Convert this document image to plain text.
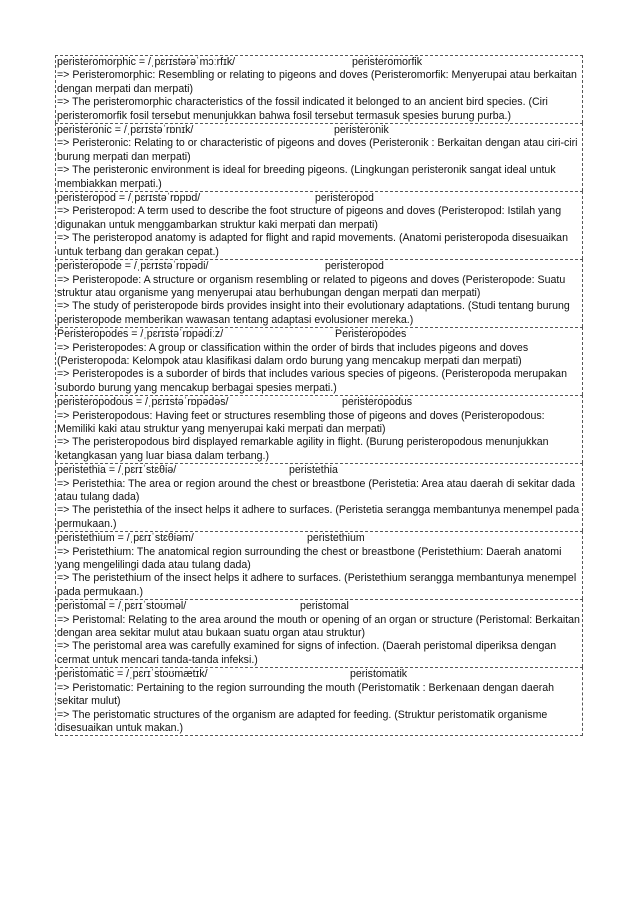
peristeromorphic = /ˌpɛrɪstərəˈmɔːrfɪk/	peristeromorfik
=> Peristeromorphic: Resembling or relating to pigeons and doves (Peristeromorfik: Menyerupai atau berkaitan dengan merpati dan merpati)
=> The peristeromorphic characteristics of the fossil indicated it belonged to an ancient bird species. (Ciri peristeromorfik fosil tersebut menunjukkan bahwa fosil tersebut termasuk spesies burung purba.)
peristeronic = /ˌpɛrɪstəˈrɒnɪk/	peristeronik
=> Peristeronic: Relating to or characteristic of pigeons and doves (Peristeronik : Berkaitan dengan atau ciri-ciri burung merpati dan merpati)
=> The peristeronic environment is ideal for breeding pigeons. (Lingkungan peristeronik sangat ideal untuk membiakkan merpati.)
peristeropod = /ˌpɛrɪstəˈrɒpɒd/	peristeropod
=> Peristeropod: A term used to describe the foot structure of pigeons and doves (Peristeropod: Istilah yang digunakan untuk menggambarkan struktur kaki merpati dan merpati)
=> The peristeropod anatomy is adapted for flight and rapid movements. (Anatomi peristeropoda disesuaikan untuk terbang dan gerakan cepat.)
peristeropode = /ˌpɛrɪstəˈrɒpədi/	peristeropod
=> Peristeropode: A structure or organism resembling or related to pigeons and doves (Peristeropode: Suatu struktur atau organisme yang menyerupai atau berhubungan dengan merpati dan merpati)
=> The study of peristeropode birds provides insight into their evolutionary adaptations. (Studi tentang burung peristeropode memberikan wawasan tentang adaptasi evolusioner mereka.)
Peristeropodes = /ˌpɛrɪstəˈrɒpədiːz/	Peristeropodes
=> Peristeropodes: A group or classification within the order of birds that includes pigeons and doves (Peristeropoda: Kelompok atau klasifikasi dalam ordo burung yang mencakup merpati dan merpati)
=> Peristeropodes is a suborder of birds that includes various species of pigeons. (Peristeropoda merupakan subordo burung yang mencakup berbagai spesies merpati.)
peristeropodous = /ˌpɛrɪstəˈrɒpədəs/	peristeropodus
=> Peristeropodous: Having feet or structures resembling those of pigeons and doves (Peristeropodous: Memiliki kaki atau struktur yang menyerupai kaki merpati dan merpati)
=> The peristeropodous bird displayed remarkable agility in flight. (Burung peristeropodous menunjukkan ketangkasan yang luar biasa dalam terbang.)
peristethia = /ˌpɛrɪˈstɛθiə/	peristethia
=> Peristethia: The area or region around the chest or breastbone (Peristetia: Area atau daerah di sekitar dada atau tulang dada)
=> The peristethia of the insect helps it adhere to surfaces. (Peristetia serangga membantunya menempel pada permukaan.)
peristethium = /ˌpɛrɪˈstɛθiəm/	peristethium
=> Peristethium: The anatomical region surrounding the chest or breastbone (Peristethium: Daerah anatomi yang mengelilingi dada atau tulang dada)
=> The peristethium of the insect helps it adhere to surfaces. (Peristethium serangga membantunya menempel pada permukaan.)
peristomal = /ˌpɛrɪˈstoʊməl/	peristomal
=> Peristomal: Relating to the area around the mouth or opening of an organ or structure (Peristomal: Berkaitan dengan area sekitar mulut atau bukaan suatu organ atau struktur)
=> The peristomal area was carefully examined for signs of infection. (Daerah peristomal diperiksa dengan cermat untuk mencari tanda-tanda infeksi.)
peristomatic = /ˌpɛrɪˈstoʊmætɪk/	peristomatik
=> Peristomatic: Pertaining to the region surrounding the mouth (Peristomatik : Berkenaan dengan daerah sekitar mulut)
=> The peristomatic structures of the organism are adapted for feeding. (Struktur peristomatik organisme disesuaikan untuk makan.)
